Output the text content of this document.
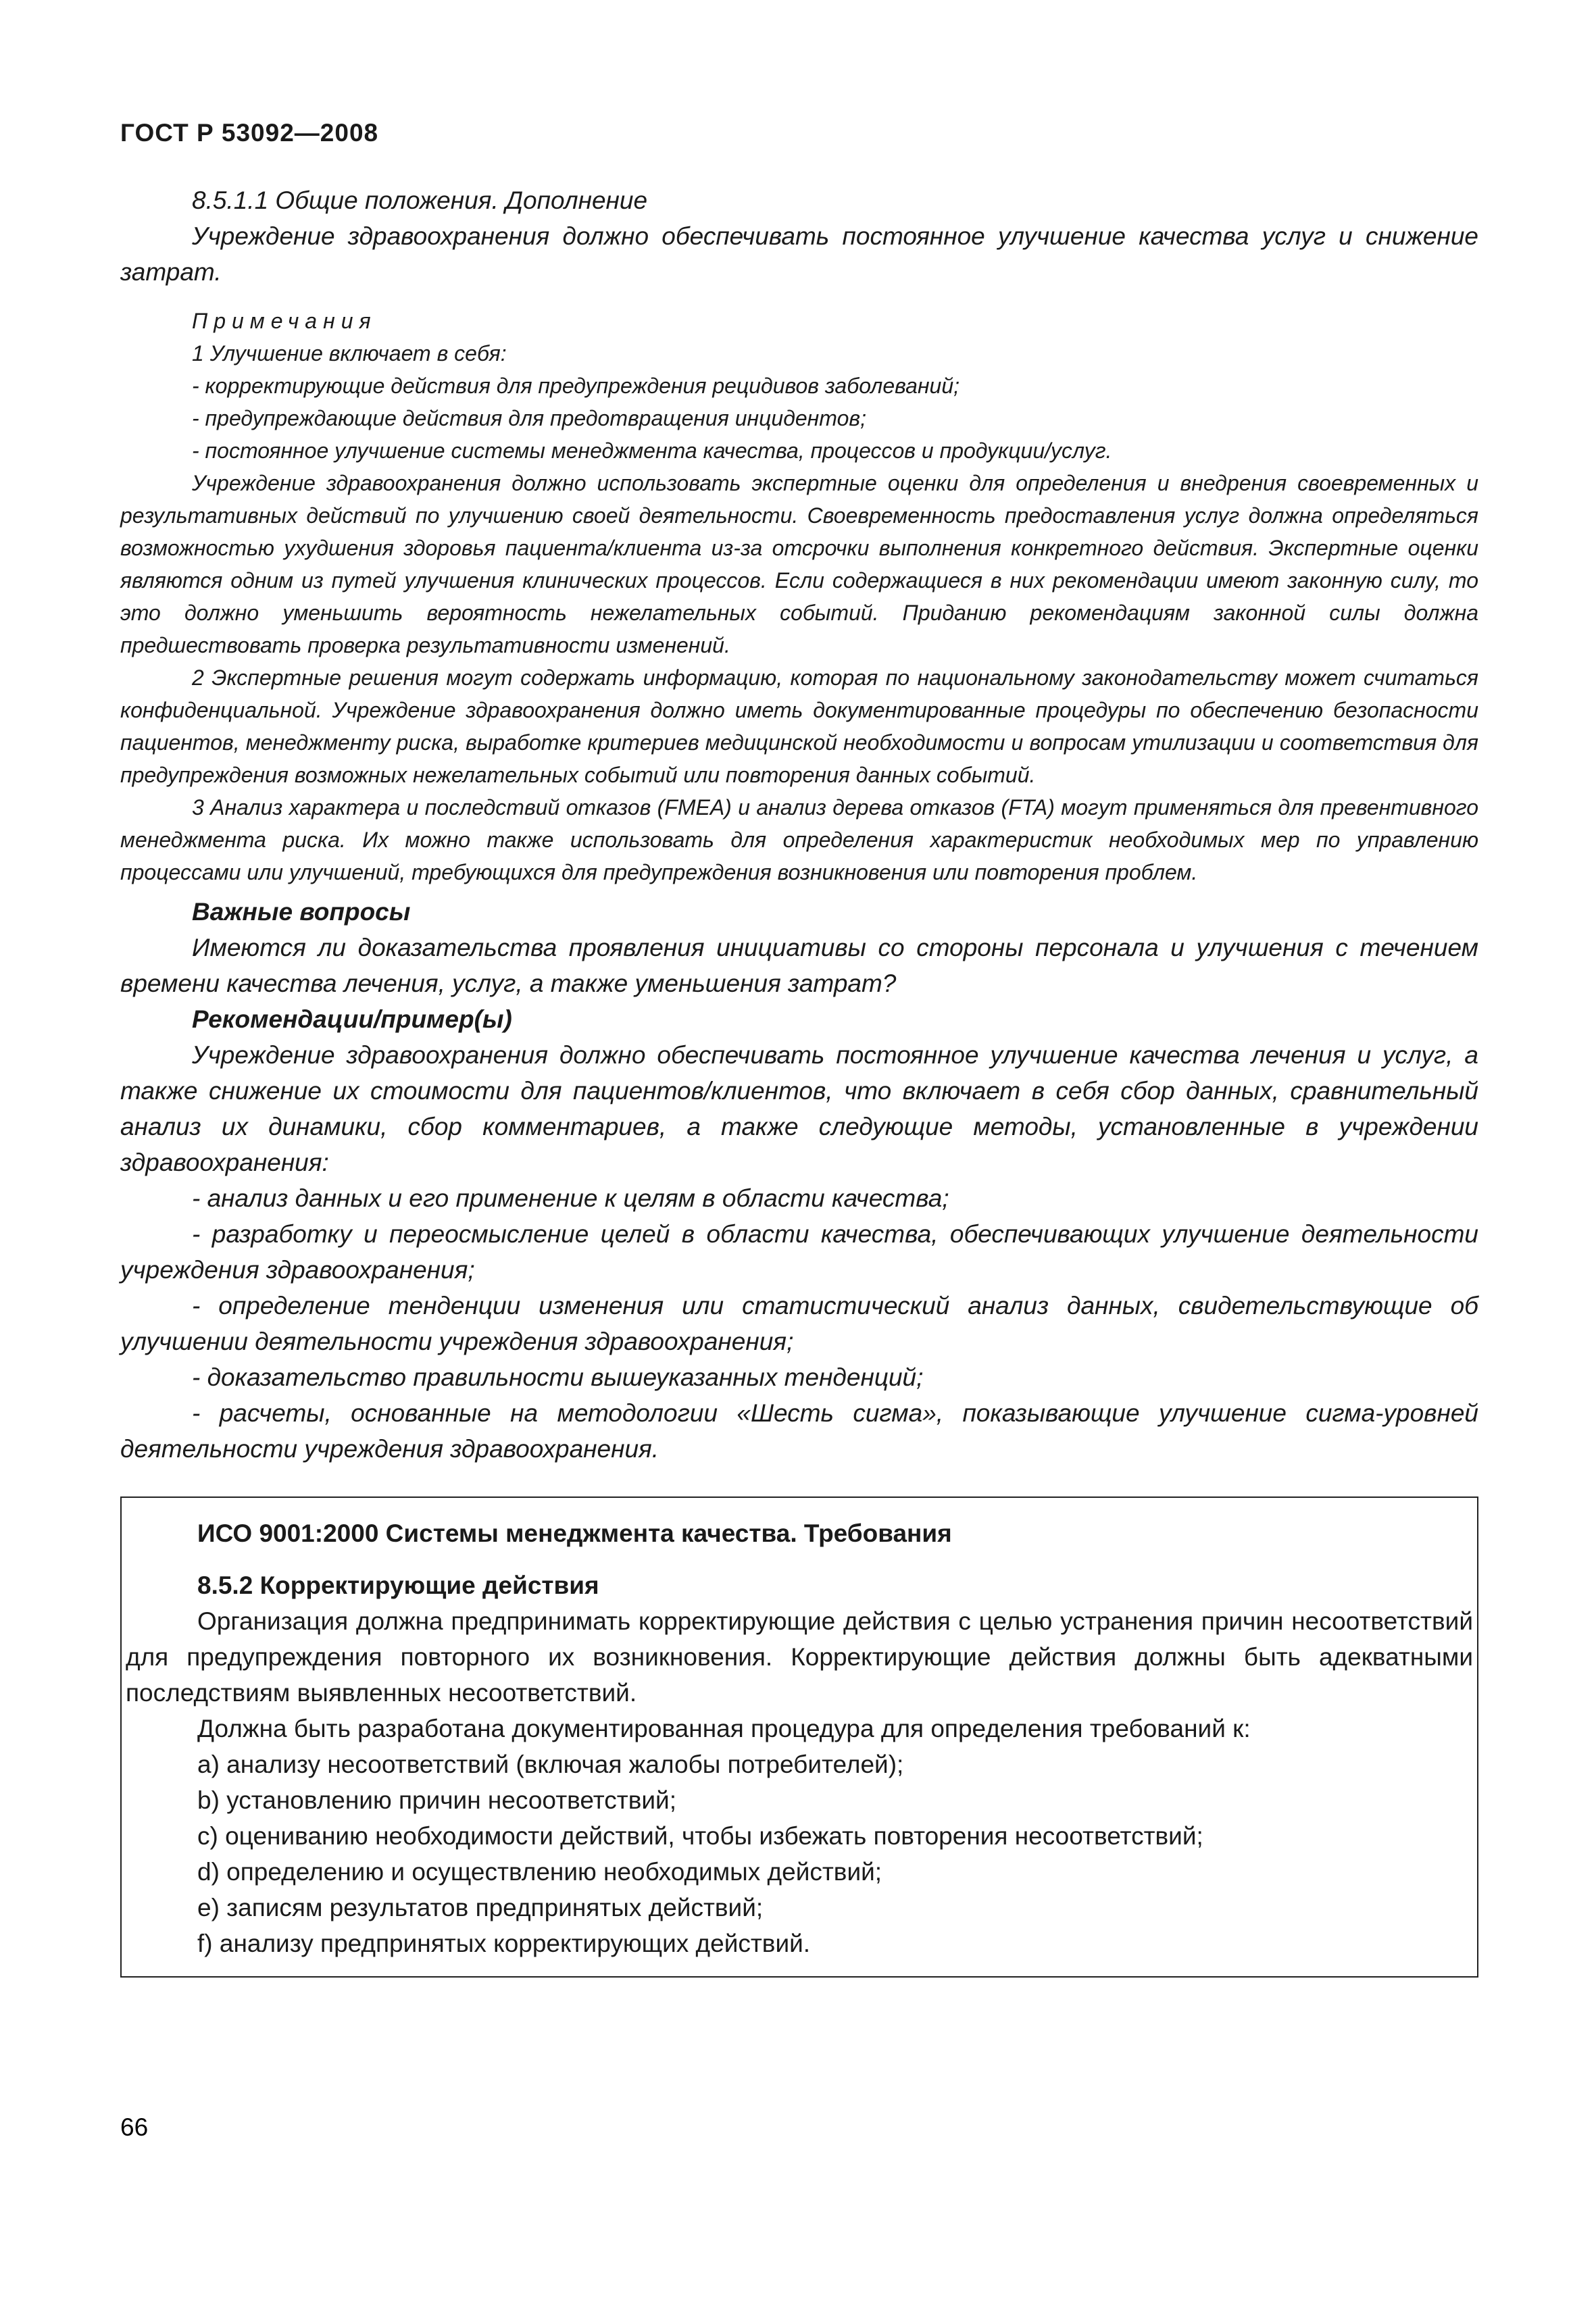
ГОСТ Р 53092—2008

8.5.1.1 Общие положения. Дополнение

Учреждение здравоохранения должно обеспечивать постоянное улучшение качества услуг и снижение затрат.

Примечания

1 Улучшение включает в себя:

- корректирующие действия для предупреждения рецидивов заболеваний;

- предупреждающие действия для предотвращения инцидентов;

- постоянное улучшение системы менеджмента качества, процессов и продукции/услуг.

Учреждение здравоохранения должно использовать экспертные оценки для определения и внедрения своевременных и результативных действий по улучшению своей деятельности. Своевременность предоставления услуг должна определяться возможностью ухудшения здоровья пациента/клиента из-за отсрочки выполнения конкретного действия. Экспертные оценки являются одним из путей улучшения клинических процессов. Если содержащиеся в них рекомендации имеют законную силу, то это должно уменьшить вероятность нежелательных событий. Приданию рекомендациям законной силы должна предшествовать проверка результативности изменений.

2 Экспертные решения могут содержать информацию, которая по национальному законодательству может считаться конфиденциальной. Учреждение здравоохранения должно иметь документированные процедуры по обеспечению безопасности пациентов, менеджменту риска, выработке критериев медицинской необходимости и вопросам утилизации и соответствия для предупреждения возможных нежелательных событий или повторения данных событий.

3 Анализ характера и последствий отказов (FMEA) и анализ дерева отказов (FTA) могут применяться для превентивного менеджмента риска. Их можно также использовать для определения характеристик необходимых мер по управлению процессами или улучшений, требующихся для предупреждения возникновения или повторения проблем.

Важные вопросы

Имеются ли доказательства проявления инициативы со стороны персонала и улучшения с течением времени качества лечения, услуг, а также уменьшения затрат?

Рекомендации/пример(ы)

Учреждение здравоохранения должно обеспечивать постоянное улучшение качества лечения и услуг, а также снижение их стоимости для пациентов/клиентов, что включает в себя сбор данных, сравнительный анализ их динамики, сбор комментариев, а также следующие методы, установленные в учреждении здравоохранения:

- анализ данных и его применение к целям в области качества;

- разработку и переосмысление целей в области качества, обеспечивающих улучшение деятельности учреждения здравоохранения;

- определение тенденции изменения или статистический анализ данных, свидетельствующие об улучшении деятельности учреждения здравоохранения;

- доказательство правильности вышеуказанных тенденций;

- расчеты, основанные на методологии «Шесть сигма», показывающие улучшение сигма-уровней деятельности учреждения здравоохранения.

ИСО 9001:2000 Системы менеджмента качества. Требования

8.5.2 Корректирующие действия

Организация должна предпринимать корректирующие действия с целью устранения причин несоответствий для предупреждения повторного их возникновения. Корректирующие действия должны быть адекватными последствиям выявленных несоответствий.

Должна быть разработана документированная процедура для определения требований к:

a) анализу несоответствий (включая жалобы потребителей);

b) установлению причин несоответствий;

c) оцениванию необходимости действий, чтобы избежать повторения несоответствий;

d) определению и осуществлению необходимых действий;

e) записям результатов предпринятых действий;

f) анализу предпринятых корректирующих действий.

66
